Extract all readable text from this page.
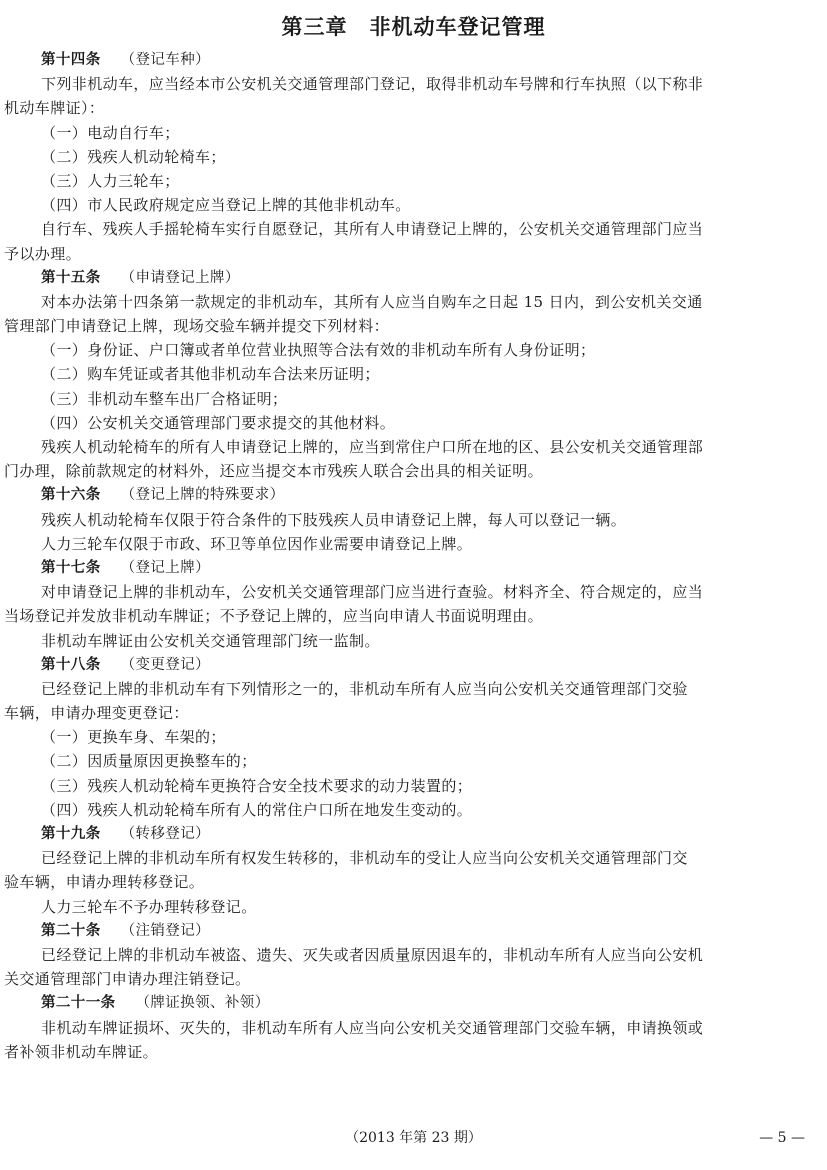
第三章　非机动车登记管理
第十四条 （登记车种）
下列非机动车，应当经本市公安机关交通管理部门登记，取得非机动车号牌和行车执照（以下称非
机动车牌证）：
（一）电动自行车；
（二）残疾人机动轮椅车；
（三）人力三轮车；
（四）市人民政府规定应当登记上牌的其他非机动车。
自行车、残疾人手摇轮椅车实行自愿登记，其所有人申请登记上牌的，公安机关交通管理部门应当
予以办理。
第十五条 （申请登记上牌）
对本办法第十四条第一款规定的非机动车，其所有人应当自购车之日起 15 日内，到公安机关交通
管理部门申请登记上牌，现场交验车辆并提交下列材料：
（一）身份证、户口簿或者单位营业执照等合法有效的非机动车所有人身份证明；
（二）购车凭证或者其他非机动车合法来历证明；
（三）非机动车整车出厂合格证明；
（四）公安机关交通管理部门要求提交的其他材料。
残疾人机动轮椅车的所有人申请登记上牌的，应当到常住户口所在地的区、县公安机关交通管理部
门办理，除前款规定的材料外，还应当提交本市残疾人联合会出具的相关证明。
第十六条 （登记上牌的特殊要求）
残疾人机动轮椅车仅限于符合条件的下肢残疾人员申请登记上牌，每人可以登记一辆。
人力三轮车仅限于市政、环卫等单位因作业需要申请登记上牌。
第十七条 （登记上牌）
对申请登记上牌的非机动车，公安机关交通管理部门应当进行查验。材料齐全、符合规定的，应当
当场登记并发放非机动车牌证；不予登记上牌的，应当向申请人书面说明理由。
非机动车牌证由公安机关交通管理部门统一监制。
第十八条 （变更登记）
已经登记上牌的非机动车有下列情形之一的，非机动车所有人应当向公安机关交通管理部门交验
车辆，申请办理变更登记：
（一）更换车身、车架的；
（二）因质量原因更换整车的；
（三）残疾人机动轮椅车更换符合安全技术要求的动力装置的；
（四）残疾人机动轮椅车所有人的常住户口所在地发生变动的。
第十九条 （转移登记）
已经登记上牌的非机动车所有权发生转移的，非机动车的受让人应当向公安机关交通管理部门交
验车辆，申请办理转移登记。
人力三轮车不予办理转移登记。
第二十条 （注销登记）
已经登记上牌的非机动车被盗、遗失、灭失或者因质量原因退车的，非机动车所有人应当向公安机
关交通管理部门申请办理注销登记。
第二十一条 （牌证换领、补领）
非机动车牌证损坏、灭失的，非机动车所有人应当向公安机关交通管理部门交验车辆，申请换领或
者补领非机动车牌证。
（2013 年第 23 期）	— 5 —
